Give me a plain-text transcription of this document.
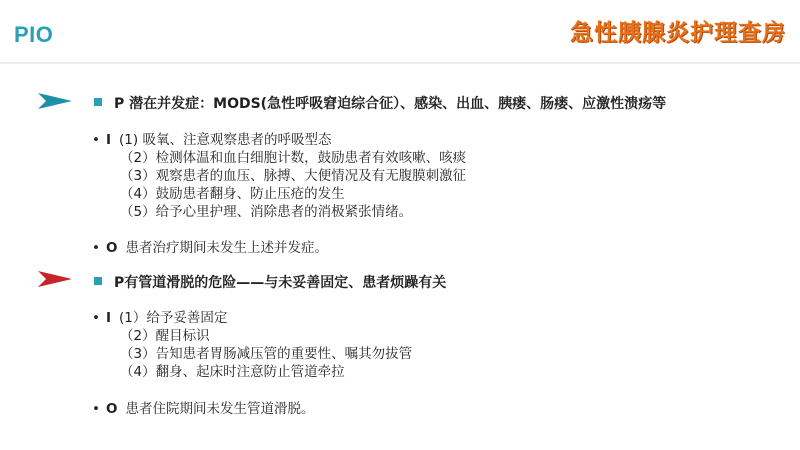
PIO	急性胰腺炎护理查房
P 潜在并发症：MODS(急性呼吸窘迫综合征）、感染、出血、胰瘘、肠瘘、应激性溃疡等
• I (1) 吸氧、注意观察患者的呼吸型态
（2）检测体温和血白细胞计数，鼓励患者有效咳嗽、咳痰
（3）观察患者的血压、脉搏、大便情况及有无腹膜刺激征
（4）鼓励患者翻身、防止压疮的发生
（5）给予心里护理、消除患者的消极紧张情绪。
• O 患者治疗期间未发生上述并发症。
P有管道滑脱的危险——与未妥善固定、患者烦躁有关
• I (1）给予妥善固定
（2）醒目标识
（3）告知患者胃肠减压管的重要性、嘱其勿拔管
（4）翻身、起床时注意防止管道牵拉
• O 患者住院期间未发生管道滑脱。
